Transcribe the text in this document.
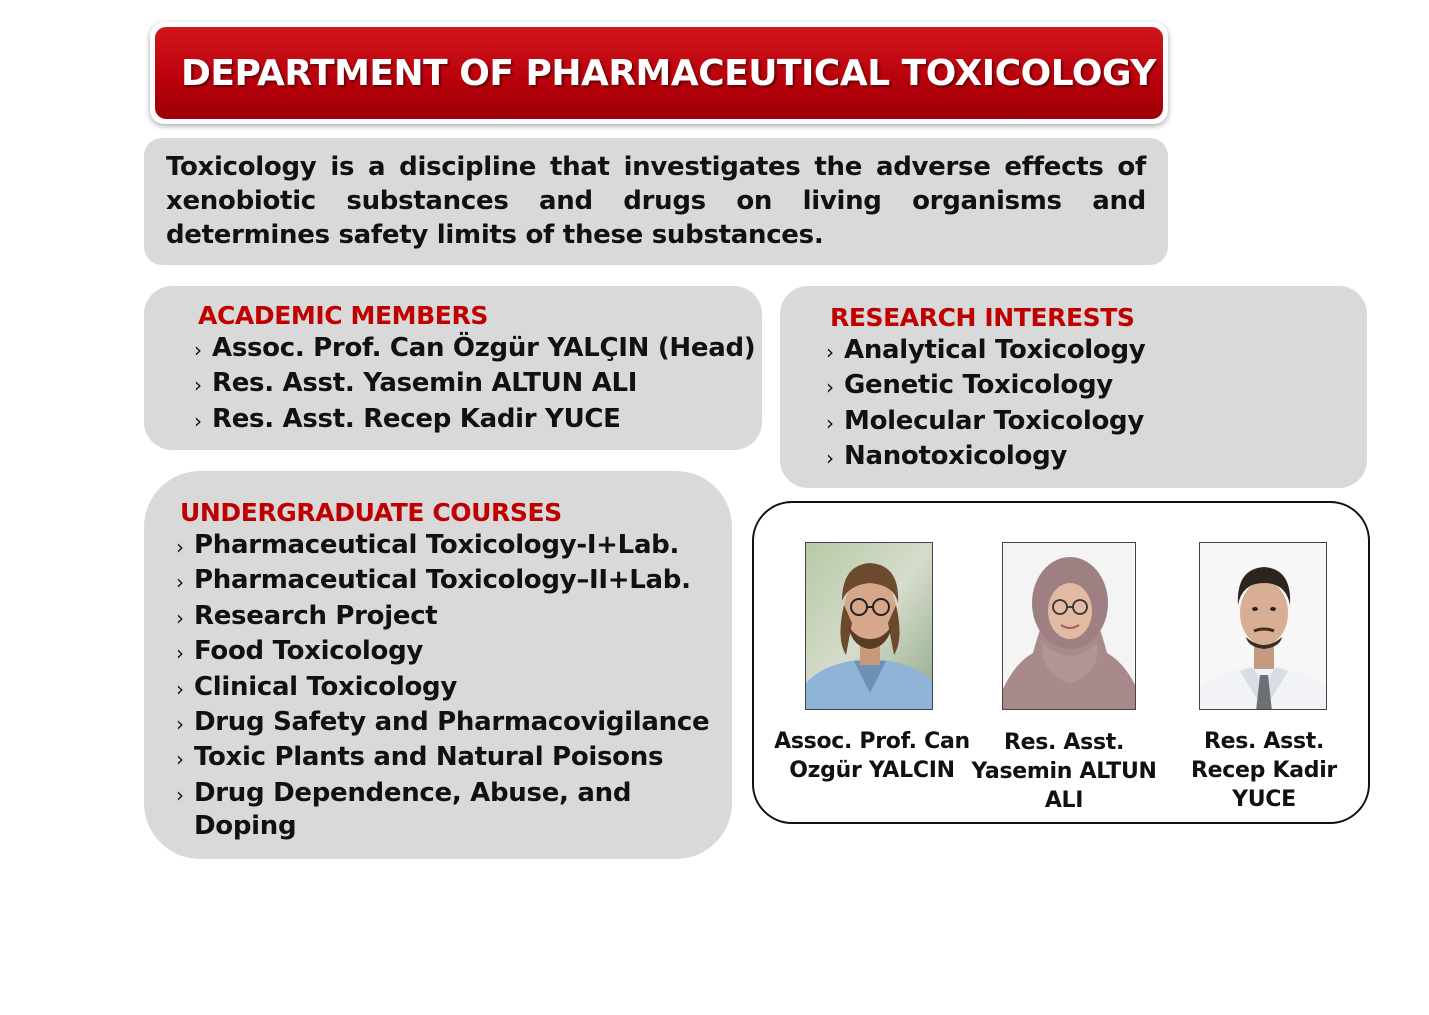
DEPARTMENT OF PHARMACEUTICAL TOXICOLOGY

Toxicology is a discipline that investigates the adverse effects of xenobiotic substances and drugs on living organisms and determines safety limits of these substances.

ACADEMIC MEMBERS
› Assoc. Prof. Can Özgür YALÇIN (Head)
› Res. Asst. Yasemin ALTUN ALI
› Res. Asst. Recep Kadir YUCE
RESEARCH INTERESTS
› Analytical Toxicology
› Genetic Toxicology
› Molecular Toxicology
› Nanotoxicology
UNDERGRADUATE COURSES
› Pharmaceutical Toxicology-I+Lab.
› Pharmaceutical Toxicology–II+Lab.
› Research Project
› Food Toxicology
› Clinical Toxicology
› Drug Safety and Pharmacovigilance
› Toxic Plants and Natural Poisons
› Drug Dependence, Abuse, and Doping
Assoc. Prof. Can Ozgür YALCIN
Res. Asst. Yasemin ALTUN ALI
Res. Asst. Recep Kadir YUCE
